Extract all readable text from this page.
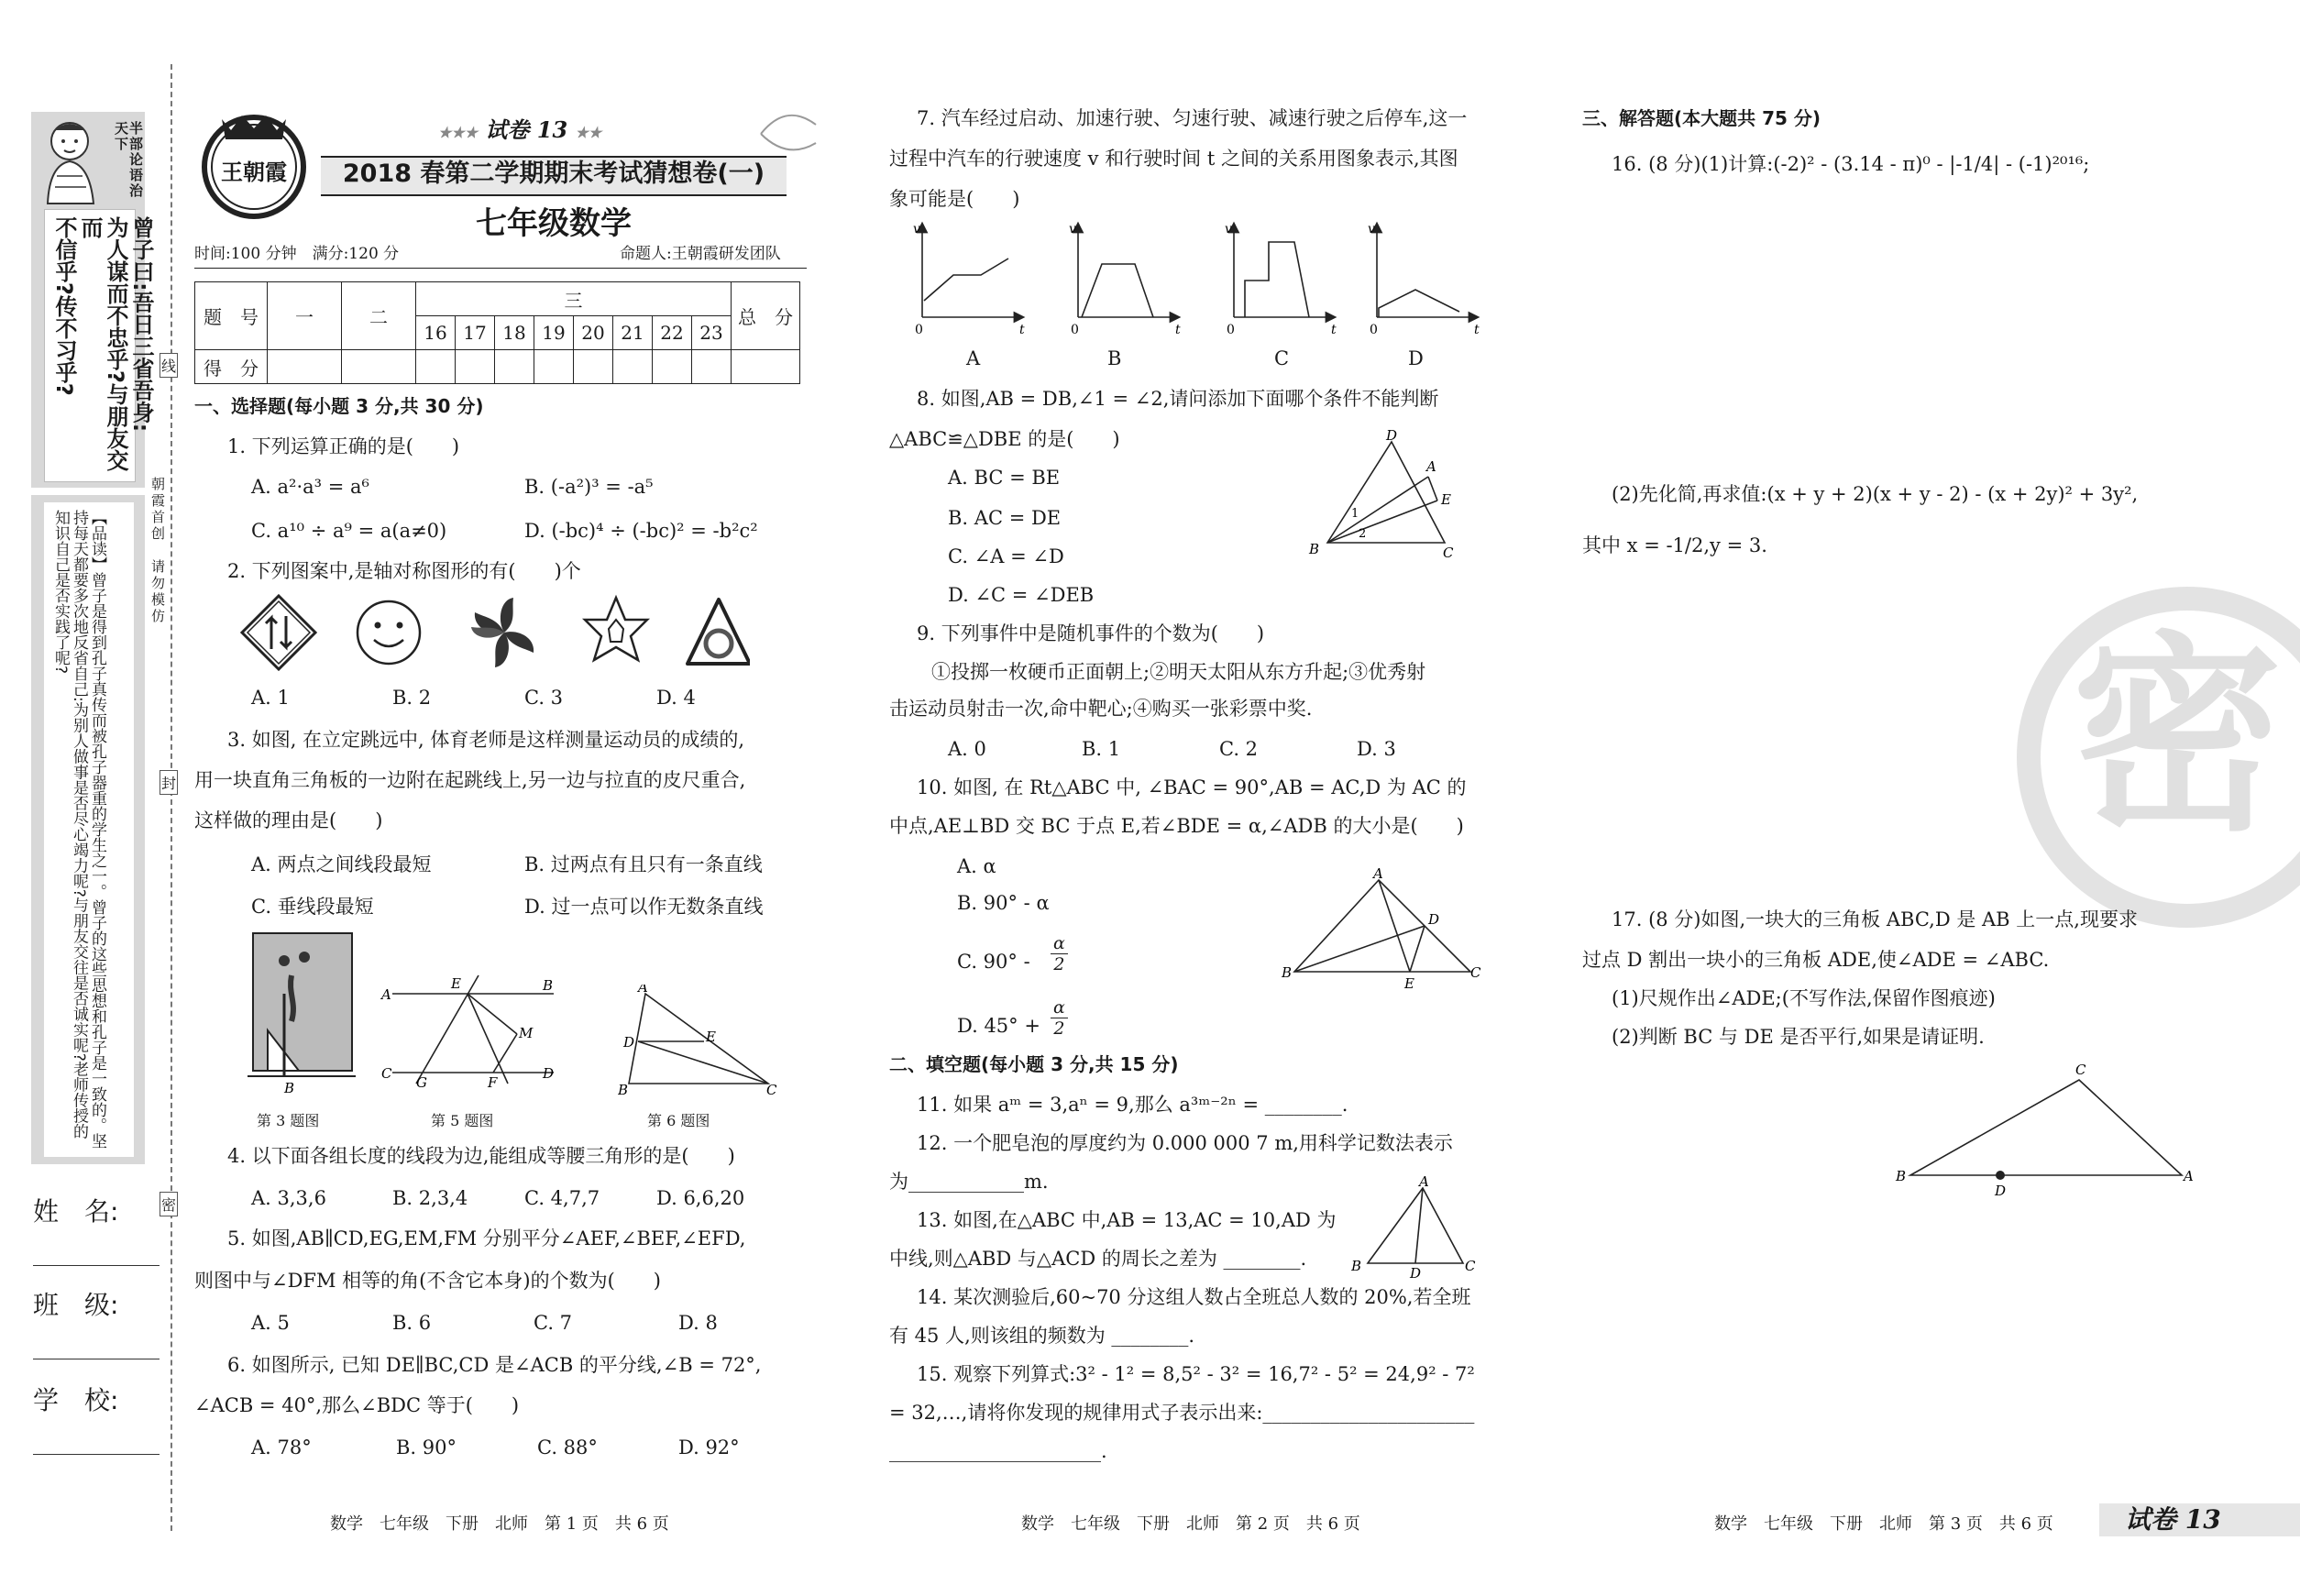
半部论语治天下
曾子曰:吾日三省吾身:
为人谋而不忠乎?与朋友交而
不信乎?传不习乎?
【品读】曾子是得到孔子真传而被孔子器重的学生之一。曾子的这些思想和孔子是一致的。坚持每天都要多次地反省自己:为别人做事是否尽心竭力呢?与朋友交往是否诚实呢?老师传授的知识自己是否实践了呢?
姓　名:
班　级:
学　校:
线
封
密
朝霞首创　请勿模仿
王朝霞
★★★ 试卷 13 ★★
2018 春第二学期期末考试猜想卷(一)
七年级数学
时间:100 分钟　满分:120 分	命题人:王朝霞研发团队
题　号	一	二	三								总　分
			16	17	18	19	20	21	22	23	
得　分											
一、选择题(每小题 3 分,共 30 分)
1. 下列运算正确的是(　　)
A. a²·a³ = a⁶	B. (-a²)³ = -a⁵
C. a¹⁰ ÷ a⁹ = a(a≠0)	D. (-bc)⁴ ÷ (-bc)² = -b²c²
2. 下列图案中,是轴对称图形的有(　　)个
A. 1	B. 2	C. 3	D. 4
3. 如图, 在立定跳远中, 体育老师是这样测量运动员的成绩的,
用一块直角三角板的一边附在起跳线上,另一边与拉直的皮尺重合,
这样做的理由是(　　)
A. 两点之间线段最短	B. 过两点有且只有一条直线
C. 垂线段最短	D. 过一点可以作无数条直线
B
A
B
E
M
C	D
G	F
A
D	E
B	C
第 3 题图	第 5 题图	第 6 题图
4. 以下面各组长度的线段为边,能组成等腰三角形的是(　　)
A. 3,3,6	B. 2,3,4	C. 4,7,7	D. 6,6,20
5. 如图,AB∥CD,EG,EM,FM 分别平分∠AEF,∠BEF,∠EFD,
则图中与∠DFM 相等的角(不含它本身)的个数为(　　)
A. 5	B. 6	C. 7	D. 8
6. 如图所示, 已知 DE∥BC,CD 是∠ACB 的平分线,∠B = 72°,
∠ACB = 40°,那么∠BDC 等于(　　)
A. 78°	B. 90°	C. 88°	D. 92°
7. 汽车经过启动、加速行驶、匀速行驶、减速行驶之后停车,这一
过程中汽车的行驶速度 v 和行驶时间 t 之间的关系用图象表示,其图
象可能是(　　)
v
0	t
v
0	t
v
0	t
v
0	t
A	B	C	D
8. 如图,AB = DB,∠1 = ∠2,请问添加下面哪个条件不能判断
△ABC≌△DBE 的是(　　)
A. BC = BE
B. AC = DE
C. ∠A = ∠D
D. ∠C = ∠DEB
D
A
E
B	C
1
2
9. 下列事件中是随机事件的个数为(　　)
①投掷一枚硬币正面朝上;②明天太阳从东方升起;③优秀射
击运动员射击一次,命中靶心;④购买一张彩票中奖.
A. 0	B. 1	C. 2	D. 3
10. 如图, 在 Rt△ABC 中, ∠BAC = 90°,AB = AC,D 为 AC 的
中点,AE⊥BD 交 BC 于点 E,若∠BDE = α,∠ADB 的大小是(　　)
A. α
B. 90° - α
C. 90° -
α
2
D. 45° +
α
2
A
D
B
E
C
二、填空题(每小题 3 分,共 15 分)
11. 如果 aᵐ = 3,aⁿ = 9,那么 a³ᵐ⁻²ⁿ = ________.
12. 一个肥皂泡的厚度约为 0.000 000 7 m,用科学记数法表示
为____________m.
13. 如图,在△ABC 中,AB = 13,AC = 10,AD 为
中线,则△ABD 与△ACD 的周长之差为 ________.
A
B	D	C
14. 某次测验后,60~70 分这组人数占全班总人数的 20%,若全班
有 45 人,则该组的频数为 ________.
15. 观察下列算式:3² - 1² = 8,5² - 3² = 16,7² - 5² = 24,9² - 7²
= 32,…,请将你发现的规律用式子表示出来:______________________
______________________.
密
三、解答题(本大题共 75 分)
16. (8 分)(1)计算:(-2)² - (3.14 - π)⁰ - |-1/4| - (-1)²⁰¹⁶;
(2)先化简,再求值:(x + y + 2)(x + y - 2) - (x + 2y)² + 3y²,
其中 x = -1/2,y = 3.
17. (8 分)如图,一块大的三角板 ABC,D 是 AB 上一点,现要求
过点 D 割出一块小的三角板 ADE,使∠ADE = ∠ABC.
(1)尺规作出∠ADE;(不写作法,保留作图痕迹)
(2)判断 BC 与 DE 是否平行,如果是请证明.
C
B	A
D
数学　七年级　下册　北师　第 1 页　共 6 页	数学　七年级　下册　北师　第 2 页　共 6 页	数学　七年级　下册　北师　第 3 页　共 6 页	试卷 13
